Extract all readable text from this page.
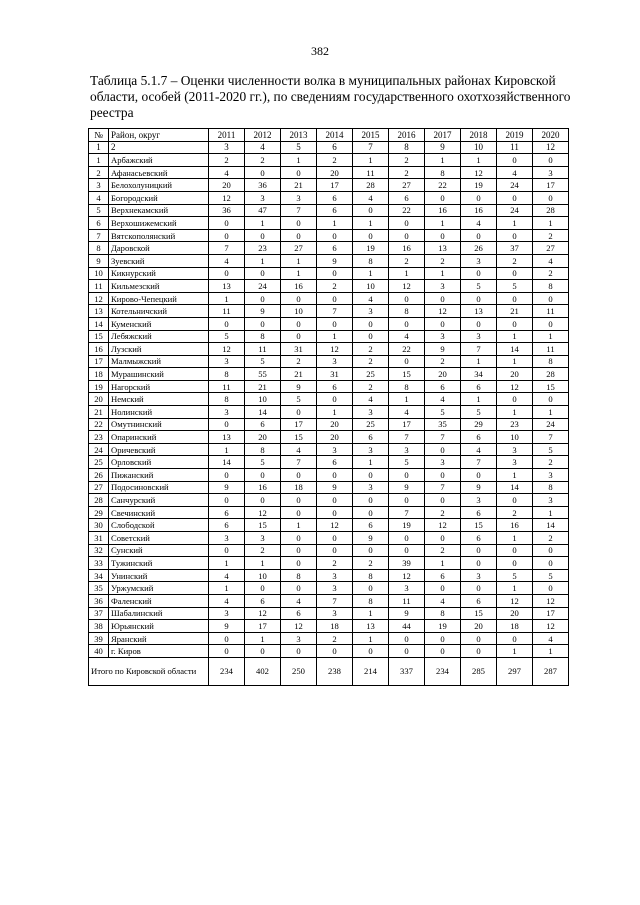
382
Таблица 5.1.7 – Оценки численности волка в муниципальных районах Кировской области, особей (2011-2020 гг.), по сведениям государственного охотхозяйственного реестра
№	Район, округ	2011	2012	2013	2014	2015	2016	2017	2018	2019	2020
1	2	3	4	5	6	7	8	9	10	11	12
1	Арбажский	2	2	1	2	1	2	1	1	0	0
2	Афанасьевский	4	0	0	20	11	2	8	12	4	3
3	Белохолуницкий	20	36	21	17	28	27	22	19	24	17
4	Богородский	12	3	3	6	4	6	0	0	0	0
5	Верхнекамский	36	47	7	6	0	22	16	16	24	28
6	Верхошижемский	0	1	0	1	1	0	1	4	1	1
7	Вятскополянский	0	0	0	0	0	0	0	0	0	2
8	Даровской	7	23	27	6	19	16	13	26	37	27
9	Зуевский	4	1	1	9	8	2	2	3	2	4
10	Кикнурский	0	0	1	0	1	1	1	0	0	2
11	Кильмезский	13	24	16	2	10	12	3	5	5	8
12	Кирово-Чепецкий	1	0	0	0	4	0	0	0	0	0
13	Котельничский	11	9	10	7	3	8	12	13	21	11
14	Куменский	0	0	0	0	0	0	0	0	0	0
15	Лебяжский	5	8	0	1	0	4	3	3	1	1
16	Лузский	12	11	31	12	2	22	9	7	14	11
17	Малмыжский	3	5	2	3	2	0	2	1	1	8
18	Мурашинский	8	55	21	31	25	15	20	34	20	28
19	Нагорский	11	21	9	6	2	8	6	6	12	15
20	Немский	8	10	5	0	4	1	4	1	0	0
21	Нолинский	3	14	0	1	3	4	5	5	1	1
22	Омутнинский	0	6	17	20	25	17	35	29	23	24
23	Опаринский	13	20	15	20	6	7	7	6	10	7
24	Оричевский	1	8	4	3	3	3	0	4	3	5
25	Орловский	14	5	7	6	1	5	3	7	3	2
26	Пижанский	0	0	0	0	0	0	0	0	1	3
27	Подосиновский	9	16	18	9	3	9	7	9	14	8
28	Санчурский	0	0	0	0	0	0	0	3	0	3
29	Свечинский	6	12	0	0	0	7	2	6	2	1
30	Слободской	6	15	1	12	6	19	12	15	16	14
31	Советский	3	3	0	0	9	0	0	6	1	2
32	Сунский	0	2	0	0	0	0	2	0	0	0
33	Тужинский	1	1	0	2	2	39	1	0	0	0
34	Унинский	4	10	8	3	8	12	6	3	5	5
35	Уржумский	1	0	0	3	0	3	0	0	1	0
36	Фаленский	4	6	4	7	8	11	4	6	12	12
37	Шабалинский	3	12	6	3	1	9	8	15	20	17
38	Юрьянский	9	17	12	18	13	44	19	20	18	12
39	Яранский	0	1	3	2	1	0	0	0	0	4
40	г. Киров	0	0	0	0	0	0	0	0	1	1
Итого по Кировской области		234	402	250	238	214	337	234	285	297	287
